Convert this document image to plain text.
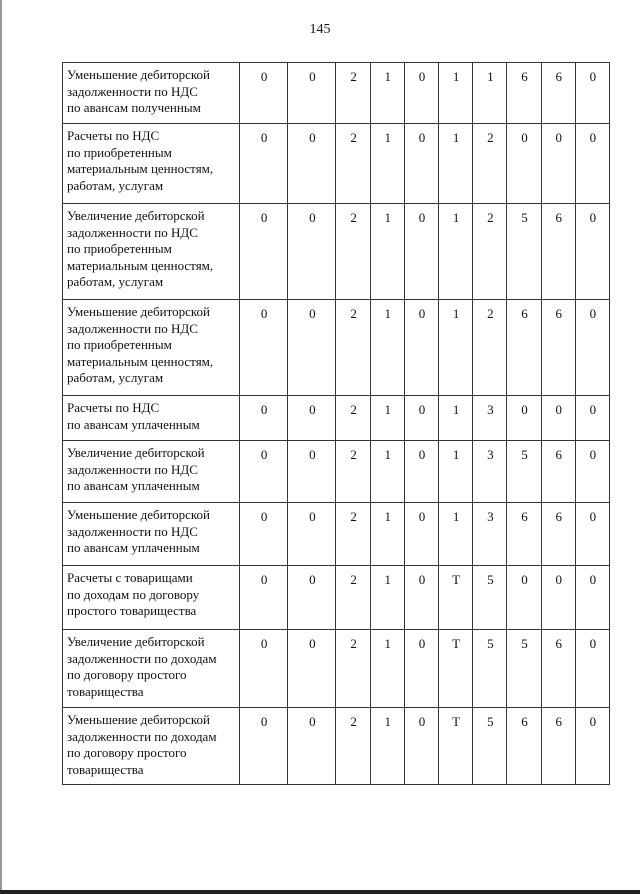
145
Уменьшение дебиторской
задолженности по НДС
по авансам полученным	0	0	2	1	0	1	1	6	6	0
Расчеты по НДС
по приобретенным
материальным ценностям,
работам, услугам	0	0	2	1	0	1	2	0	0	0
Увеличение дебиторской
задолженности по НДС
по приобретенным
материальным ценностям,
работам, услугам	0	0	2	1	0	1	2	5	6	0
Уменьшение дебиторской
задолженности по НДС
по приобретенным
материальным ценностям,
работам, услугам	0	0	2	1	0	1	2	6	6	0
Расчеты по НДС
по авансам уплаченным	0	0	2	1	0	1	3	0	0	0
Увеличение дебиторской
задолженности по НДС
по авансам уплаченным	0	0	2	1	0	1	3	5	6	0
Уменьшение дебиторской
задолженности по НДС
по авансам уплаченным	0	0	2	1	0	1	3	6	6	0
Расчеты с товарищами
по доходам по договору
простого товарищества	0	0	2	1	0	Т	5	0	0	0
Увеличение дебиторской
задолженности по доходам
по договору простого
товарищества	0	0	2	1	0	Т	5	5	6	0
Уменьшение дебиторской
задолженности по доходам
по договору простого
товарищества	0	0	2	1	0	Т	5	6	6	0
